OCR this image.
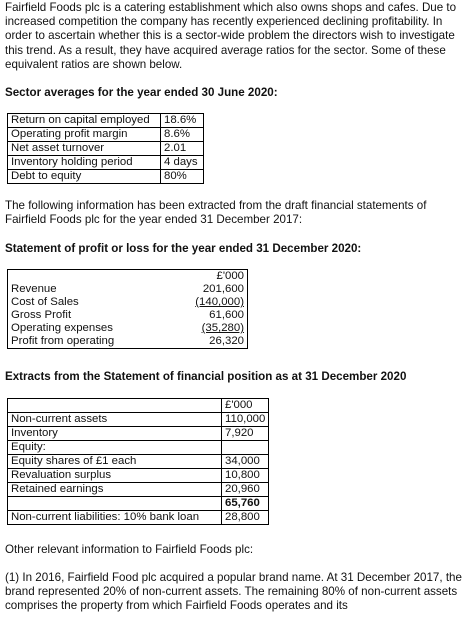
Fairfield Foods plc is a catering establishment which also owns shops and cafes. Due to increased competition the company has recently experienced declining profitability. In order to ascertain whether this is a sector-wide problem the directors wish to investigate this trend. As a result, they have acquired average ratios for the sector. Some of these equivalent ratios are shown below.
Sector averages for the year ended 30 June 2020:
Return on capital employed	18.6%
Operating profit margin	8.6%
Net asset turnover	2.01
Inventory holding period	4 days
Debt to equity	80%
The following information has been extracted from the draft financial statements of Fairfield Foods plc for the year ended 31 December 2017:
Statement of profit or loss for the year ended 31 December 2020:
	£'000
Revenue	201,600
Cost of Sales	(140,000)
Gross Profit	61,600
Operating expenses	(35,280)
Profit from operating	26,320
Extracts from the Statement of financial position as at 31 December 2020
	£'000
Non-current assets	110,000
Inventory	7,920
Equity:	
Equity shares of £1 each	34,000
Revaluation surplus	10,800
Retained earnings	20,960
	65,760
Non-current liabilities: 10% bank loan	28,800
Other relevant information to Fairfield Foods plc:
(1) In 2016, Fairfield Food plc acquired a popular brand name. At 31 December 2017, the brand represented 20% of non-current assets. The remaining 80% of non-current assets comprises the property from which Fairfield Foods operates and its
